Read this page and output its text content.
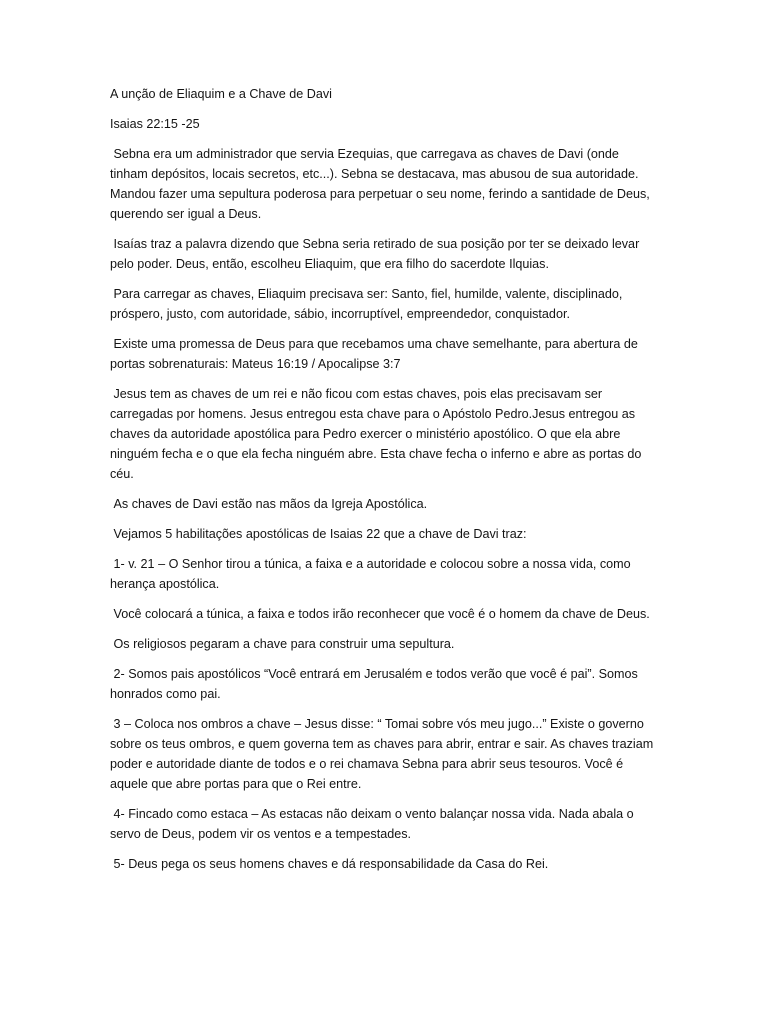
A unção de Eliaquim e a Chave de Davi

Isaias 22:15 -25

Sebna era um administrador que servia Ezequias, que carregava as chaves de Davi (onde tinham depósitos, locais secretos, etc...). Sebna se destacava, mas abusou de sua autoridade. Mandou fazer uma sepultura poderosa para perpetuar o seu nome, ferindo a santidade de Deus, querendo ser igual a Deus.

Isaías traz a palavra dizendo que Sebna seria retirado de sua posição por ter se deixado levar pelo poder. Deus, então, escolheu Eliaquim, que era filho do sacerdote Ilquias.

Para carregar as chaves, Eliaquim precisava ser: Santo, fiel, humilde, valente, disciplinado, próspero, justo, com autoridade, sábio, incorruptível, empreendedor, conquistador.

Existe uma promessa de Deus para que recebamos uma chave semelhante, para abertura de portas sobrenaturais: Mateus 16:19 / Apocalipse 3:7

Jesus tem as chaves de um rei e não ficou com estas chaves, pois elas precisavam ser carregadas por homens. Jesus entregou esta chave para o Apóstolo Pedro.Jesus entregou as chaves da autoridade apostólica para Pedro exercer o ministério apostólico. O que ela abre ninguém fecha e o que ela fecha ninguém abre. Esta chave fecha o inferno e abre as portas do céu.

As chaves de Davi estão nas mãos da Igreja Apostólica.

Vejamos 5 habilitações apostólicas de Isaias 22 que a chave de Davi traz:

1- v. 21 – O Senhor tirou a túnica, a faixa e a autoridade e colocou sobre a nossa vida, como herança apostólica.

Você colocará a túnica, a faixa e todos irão reconhecer que você é o homem da chave de Deus.

Os religiosos pegaram a chave para construir uma sepultura.

2- Somos pais apostólicos “Você entrará em Jerusalém e todos verão que você é pai”. Somos honrados como pai.

3 – Coloca nos ombros a chave – Jesus disse: “ Tomai sobre vós meu jugo...” Existe o governo sobre os teus ombros, e quem governa tem as chaves para abrir, entrar e sair. As chaves traziam poder e autoridade diante de todos e o rei chamava Sebna para abrir seus tesouros. Você é aquele que abre portas para que o Rei entre.

4- Fincado como estaca – As estacas não deixam o vento balançar nossa vida. Nada abala o servo de Deus, podem vir os ventos e a tempestades.

5- Deus pega os seus homens chaves e dá responsabilidade da Casa do Rei.
